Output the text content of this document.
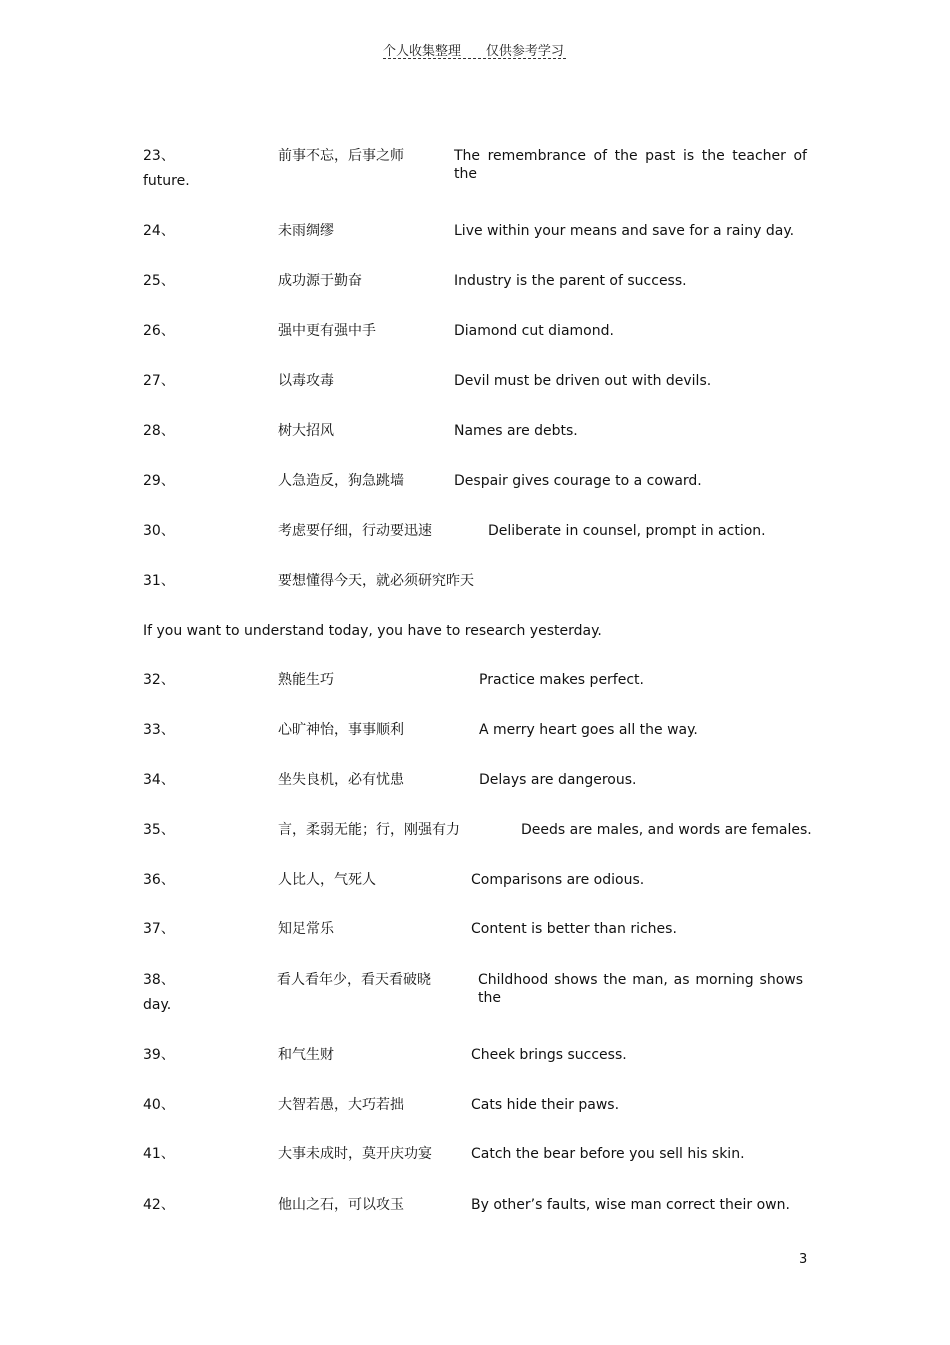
个人收集整理 仅供参考学习
23、	前事不忘，后事之师	The remembrance of the past is the teacher of the
future.
24、	未雨绸缪	Live within your means and save for a rainy day.
25、	成功源于勤奋	Industry is the parent of success.
26、	强中更有强中手	Diamond cut diamond.
27、	以毒攻毒	Devil must be driven out with devils.
28、	树大招风	Names are debts.
29、	人急造反，狗急跳墙	Despair gives courage to a coward.
30、	考虑要仔细，行动要迅速	Deliberate in counsel, prompt in action.
31、	要想懂得今天，就必须研究昨天
If you want to understand today, you have to research yesterday.
32、	熟能生巧	Practice makes perfect.
33、	心旷神怡，事事顺利	A merry heart goes all the way.
34、	坐失良机，必有忧患	Delays are dangerous.
35、	言，柔弱无能；行，刚强有力	Deeds are males, and words are females.
36、	人比人，气死人	Comparisons are odious.
37、	知足常乐	Content is better than riches.
38、	看人看年少，看天看破晓	Childhood shows the man, as morning shows the
day.
39、	和气生财	Cheek brings success.
40、	大智若愚，大巧若拙	Cats hide their paws.
41、	大事未成时，莫开庆功宴	Catch the bear before you sell his skin.
42、	他山之石，可以攻玉	By other’s faults, wise man correct their own.
3
